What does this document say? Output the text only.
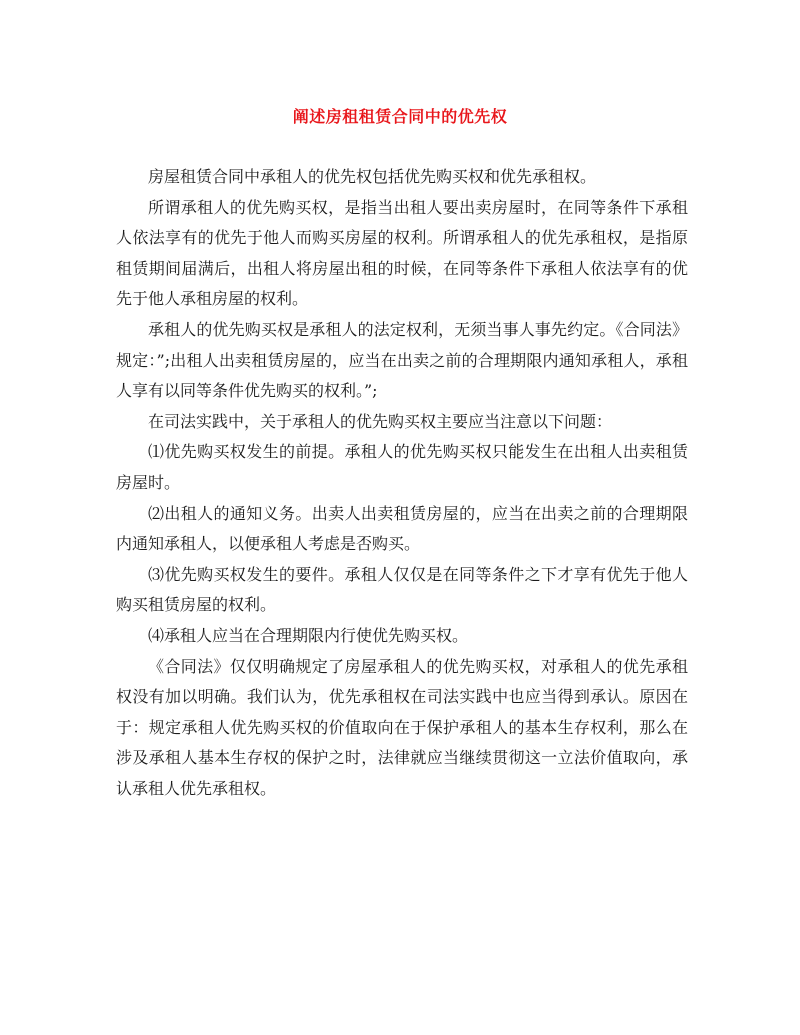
阐述房租租赁合同中的优先权

房屋租赁合同中承租人的优先权包括优先购买权和优先承租权。

所谓承租人的优先购买权，是指当出租人要出卖房屋时，在同等条件下承租人依法享有的优先于他人而购买房屋的权利。所谓承租人的优先承租权，是指原租赁期间届满后，出租人将房屋出租的时候，在同等条件下承租人依法享有的优先于他人承租房屋的权利。

承租人的优先购买权是承租人的法定权利，无须当事人事先约定。《合同法》规定：”;出租人出卖租赁房屋的，应当在出卖之前的合理期限内通知承租人，承租人享有以同等条件优先购买的权利。”;

在司法实践中，关于承租人的优先购买权主要应当注意以下问题：

⑴优先购买权发生的前提。承租人的优先购买权只能发生在出租人出卖租赁房屋时。

⑵出租人的通知义务。出卖人出卖租赁房屋的，应当在出卖之前的合理期限内通知承租人，以便承租人考虑是否购买。

⑶优先购买权发生的要件。承租人仅仅是在同等条件之下才享有优先于他人购买租赁房屋的权利。

⑷承租人应当在合理期限内行使优先购买权。

《合同法》仅仅明确规定了房屋承租人的优先购买权，对承租人的优先承租权没有加以明确。我们认为，优先承租权在司法实践中也应当得到承认。原因在于：规定承租人优先购买权的价值取向在于保护承租人的基本生存权利，那么在涉及承租人基本生存权的保护之时，法律就应当继续贯彻这一立法价值取向，承认承租人优先承租权。
